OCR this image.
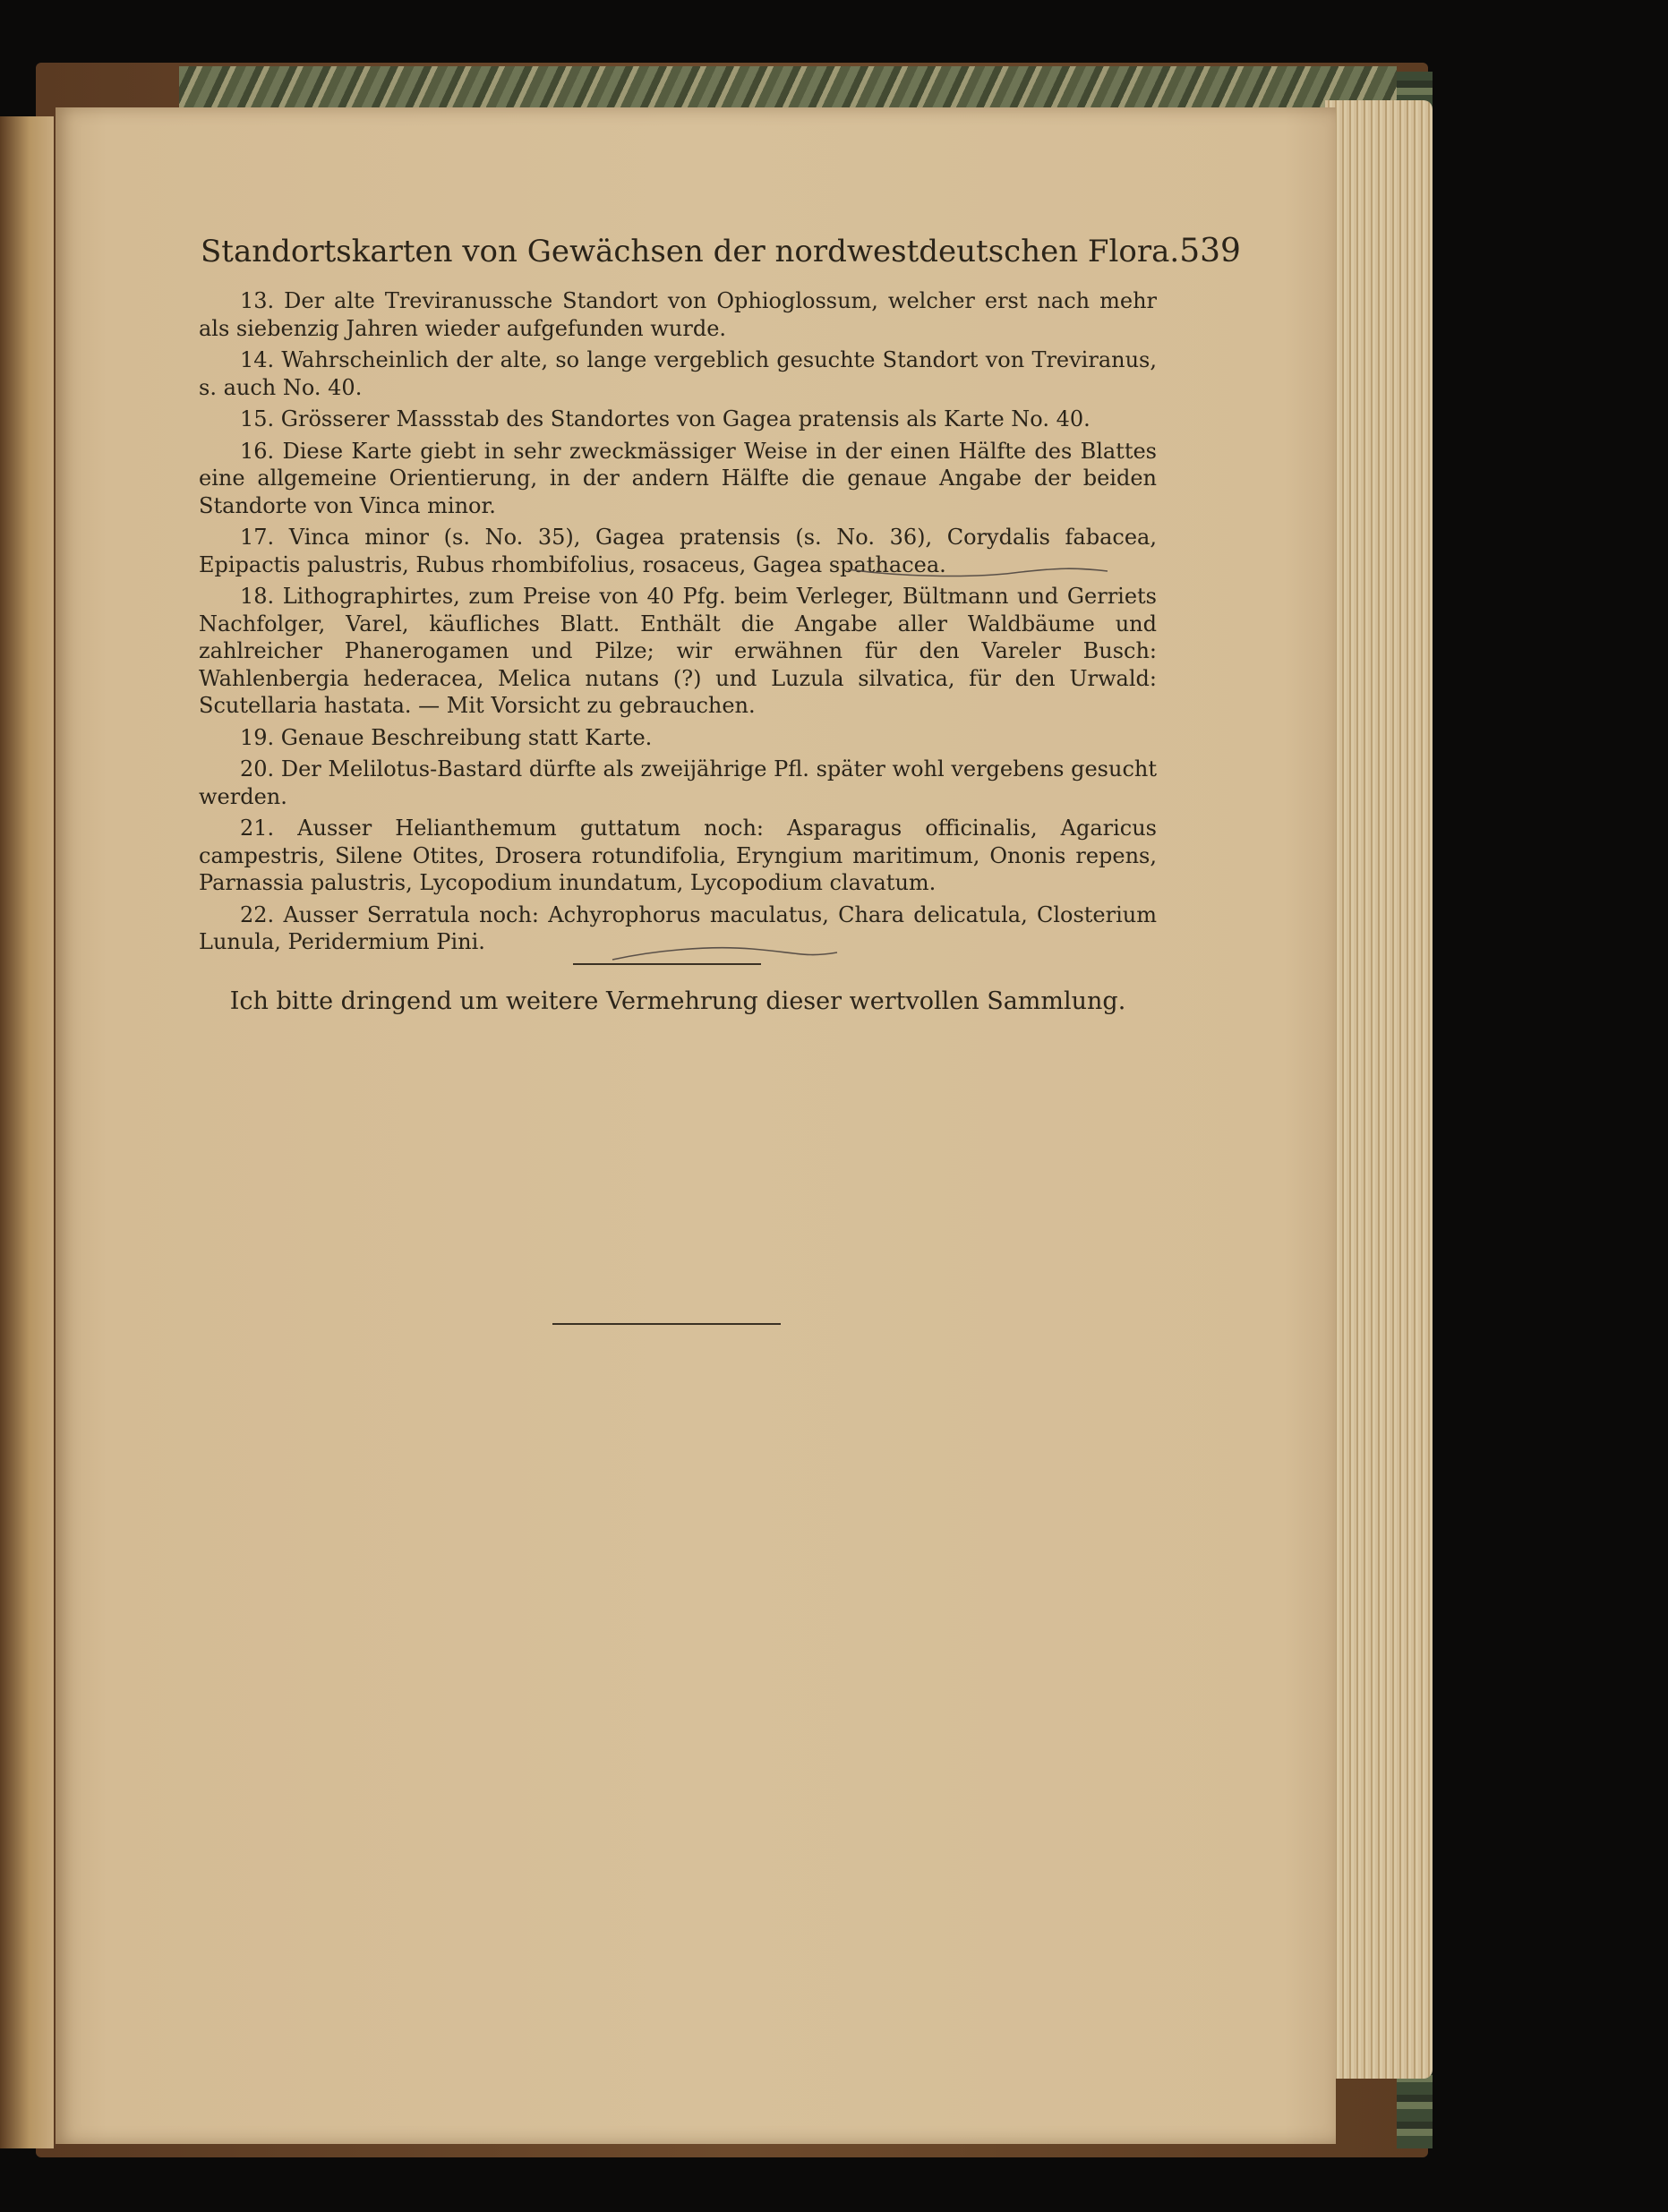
Standortskarten von Gewächsen der nordwestdeutschen Flora. 539

13. Der alte Treviranussche Standort von Ophioglossum, welcher erst nach mehr als siebenzig Jahren wieder aufgefunden wurde.

14. Wahrscheinlich der alte, so lange vergeblich gesuchte Standort von Treviranus, s. auch No. 40.

15. Grösserer Massstab des Standortes von Gagea pratensis als Karte No. 40.

16. Diese Karte giebt in sehr zweckmässiger Weise in der einen Hälfte des Blattes eine allgemeine Orientierung, in der andern Hälfte die genaue Angabe der beiden Standorte von Vinca minor.

17. Vinca minor (s. No. 35), Gagea pratensis (s. No. 36), Corydalis fabacea, Epipactis palustris, Rubus rhombifolius, rosaceus, Gagea spathacea.

18. Lithographirtes, zum Preise von 40 Pfg. beim Verleger, Bültmann und Gerriets Nachfolger, Varel, käufliches Blatt. Enthält die Angabe aller Waldbäume und zahlreicher Phanerogamen und Pilze; wir erwähnen für den Vareler Busch: Wahlenbergia hederacea, Melica nutans (?) und Luzula silvatica, für den Urwald: Scutellaria hastata. — Mit Vorsicht zu gebrauchen.

19. Genaue Beschreibung statt Karte.

20. Der Melilotus-Bastard dürfte als zweijährige Pfl. später wohl vergebens gesucht werden.

21. Ausser Helianthemum guttatum noch: Asparagus officinalis, Agaricus campestris, Silene Otites, Drosera rotundifolia, Eryngium maritimum, Ononis repens, Parnassia palustris, Lycopodium inundatum, Lycopodium clavatum.

22. Ausser Serratula noch: Achyrophorus maculatus, Chara delicatula, Closterium Lunula, Peridermium Pini.

Ich bitte dringend um weitere Vermehrung dieser wertvollen Sammlung.
